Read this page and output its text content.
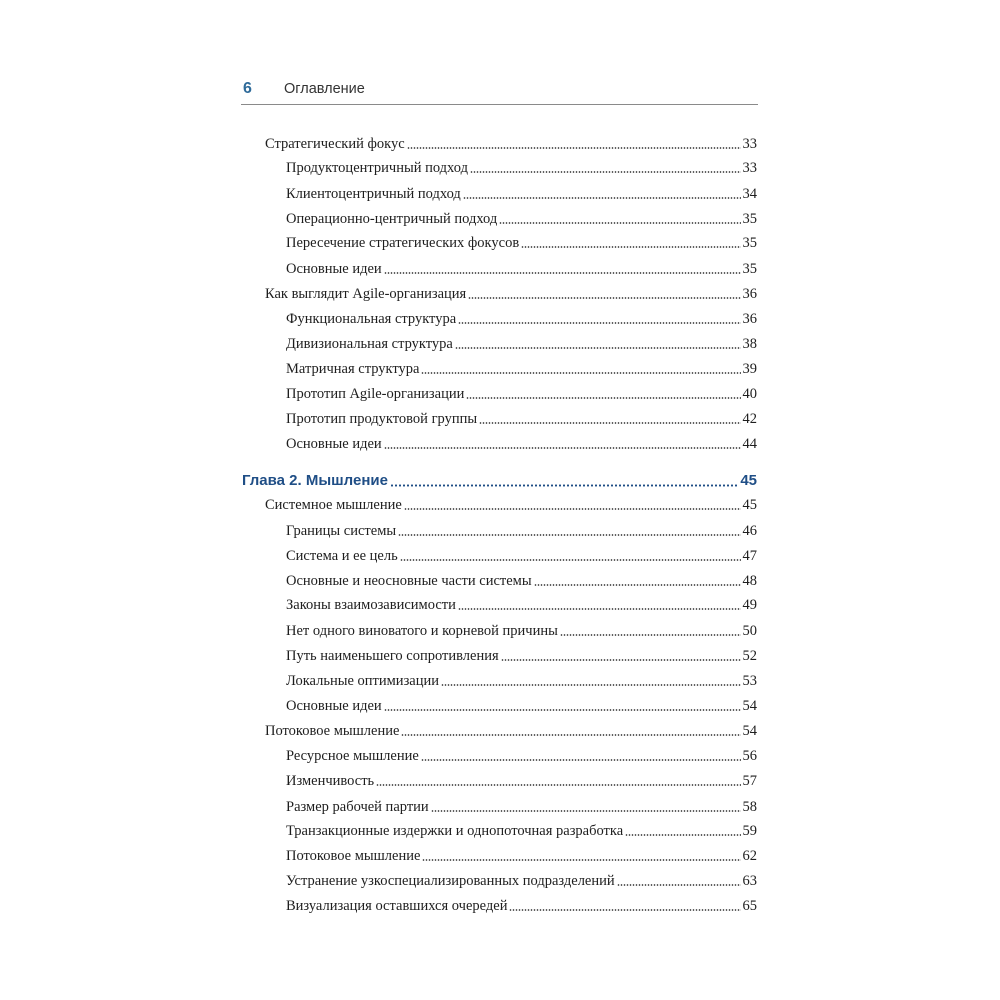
6 Оглавление
Стратегический фокус	33
Продуктоцентричный подход	33
Клиентоцентричный подход	34
Операционно-центричный подход	35
Пересечение стратегических фокусов	35
Основные идеи	35
Как выглядит Agile-организация	36
Функциональная структура	36
Дивизиональная структура	38
Матричная структура	39
Прототип Agile-организации	40
Прототип продуктовой группы	42
Основные идеи	44
Глава 2. Мышление	45
Системное мышление	45
Границы системы	46
Система и ее цель	47
Основные и неосновные части системы	48
Законы взаимозависимости	49
Нет одного виноватого и корневой причины	50
Путь наименьшего сопротивления	52
Локальные оптимизации	53
Основные идеи	54
Потоковое мышление	54
Ресурсное мышление	56
Изменчивость	57
Размер рабочей партии	58
Транзакционные издержки и однопоточная разработка	59
Потоковое мышление	62
Устранение узкоспециализированных подразделений	63
Визуализация оставшихся очередей	65
